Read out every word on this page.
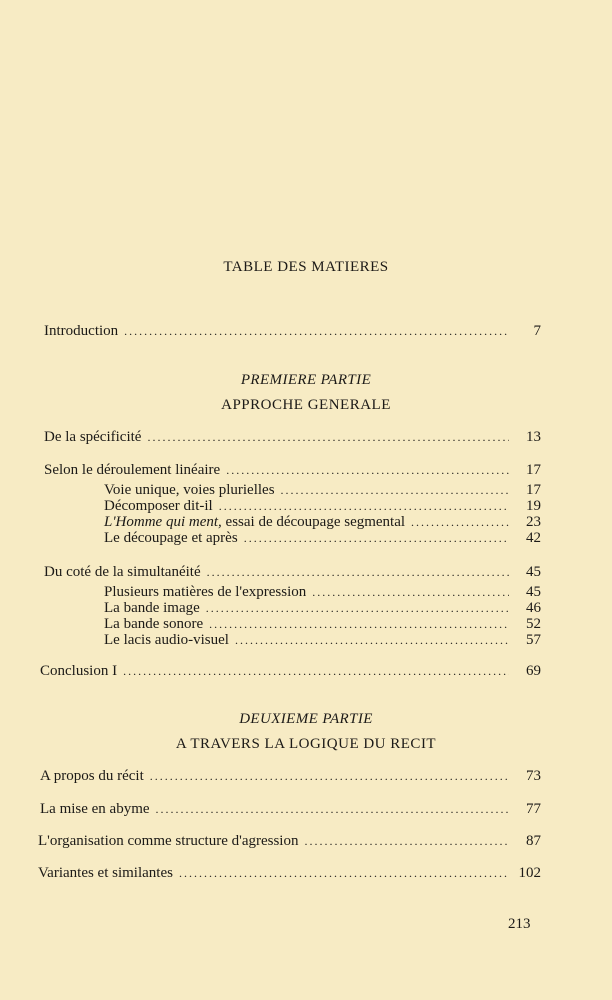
TABLE DES MATIERES
Introduction .....	7
PREMIERE PARTIE
APPROCHE GENERALE
De la spécificité .....	13
Selon le déroulement linéaire .....	17
Voie unique, voies plurielles .....	17
Décomposer dit-il .....	19
L'Homme qui ment, essai de découpage segmental .....	23
Le découpage et après .....	42
Du coté de la simultanéité .....	45
Plusieurs matières de l'expression .....	45
La bande image .....	46
La bande sonore .....	52
Le lacis audio-visuel .....	57
Conclusion I .....	69
DEUXIEME PARTIE
A TRAVERS LA LOGIQUE DU RECIT
A propos du récit .....	73
La mise en abyme .....	77
L'organisation comme structure d'agression .....	87
Variantes et similantes .....	102
213
